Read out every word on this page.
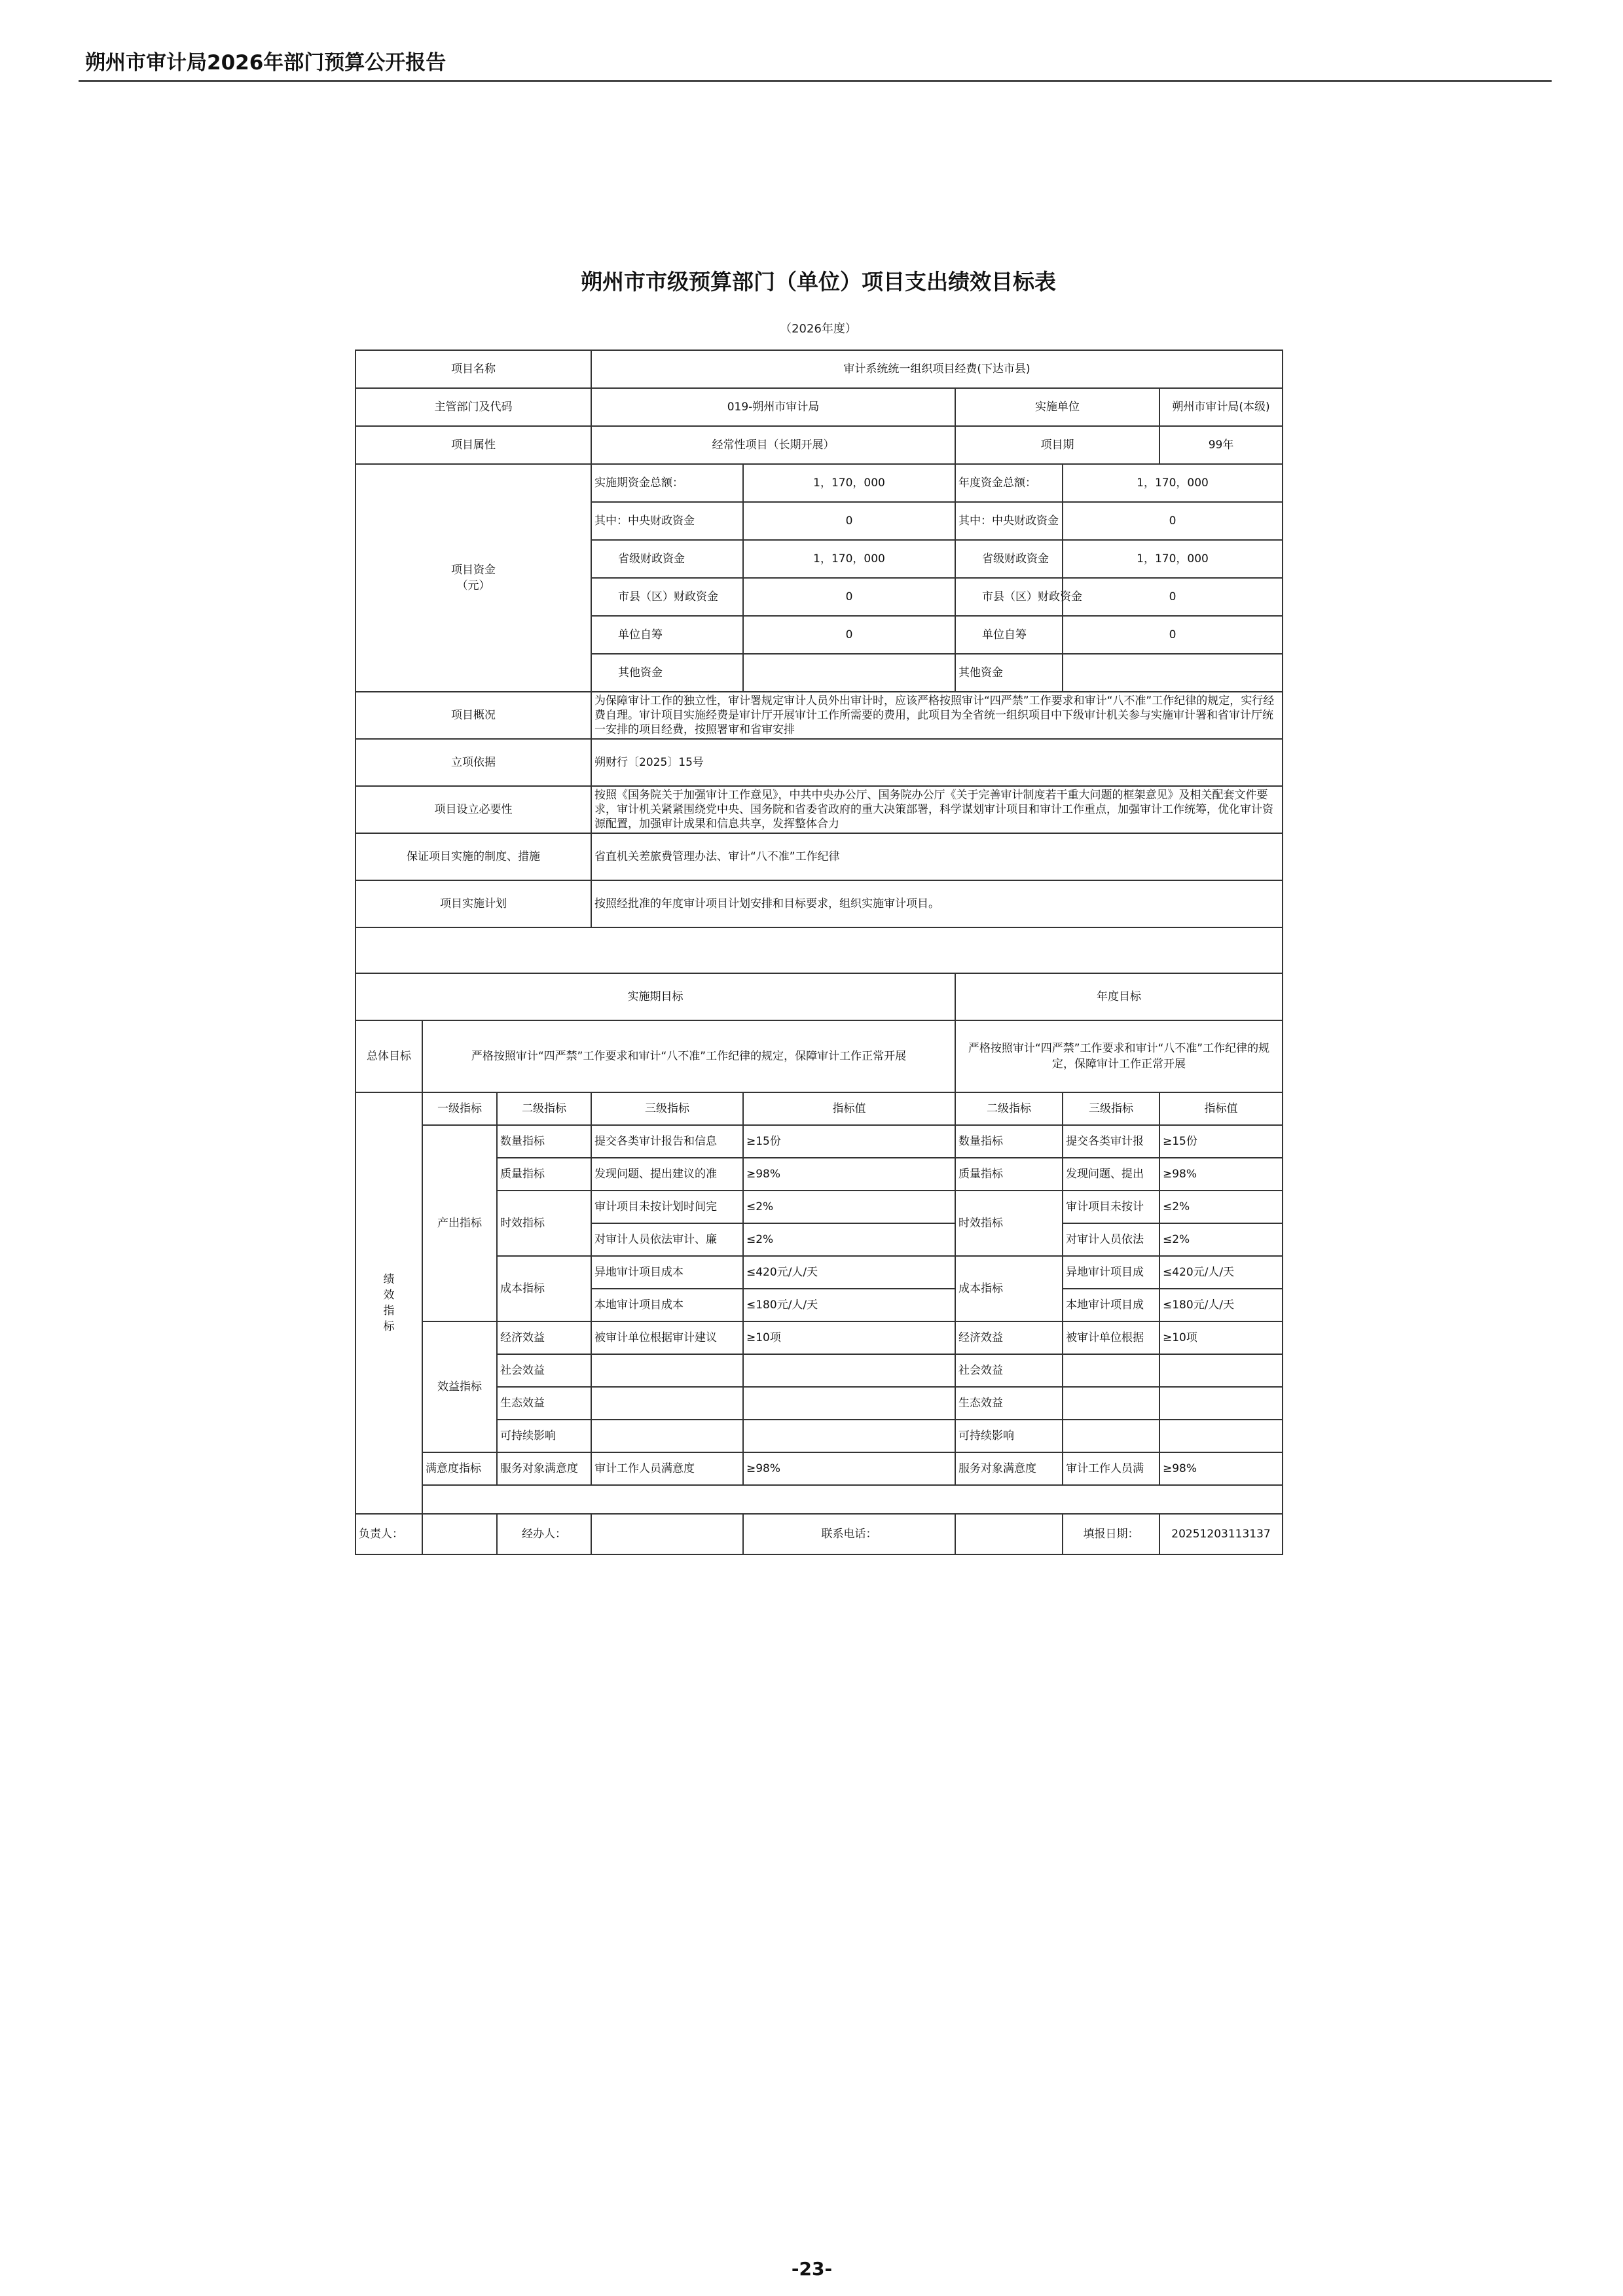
朔州市审计局2026年部门预算公开报告
朔州市市级预算部门（单位）项目支出绩效目标表
（2026年度）
项目名称			审计系统统一组织项目经费(下达市县)				
主管部门及代码			019-朔州市审计局		实施单位		朔州市审计局(本级)
项目属性			经常性项目（长期开展）		项目期		99年
项目资金
（元）			实施期资金总额：	1，170，000	年度资金总额：	1，170，000	
			其中：中央财政资金	0	其中：中央财政资金	0	
			省级财政资金	1，170，000	省级财政资金	1，170，000	
			市县（区）财政资金	0	市县（区）财政资金	0	
			单位自筹	0	单位自筹	0	
			其他资金		其他资金		
项目概况			为保障审计工作的独立性，审计署规定审计人员外出审计时，应该严格按照审计“四严禁”工作要求和审计“八不准”工作纪律的规定，实行经费自理。审计项目实施经费是审计厅开展审计工作所需要的费用，此项目为全省统一组织项目中下级审计机关参与实施审计署和省审计厅统一安排的项目经费，按照署审和省审安排				

立项依据			朔财行〔2025〕15号				
项目设立必要性			按照《国务院关于加强审计工作意见》，中共中央办公厅、国务院办公厅《关于完善审计制度若干重大问题的框架意见》及相关配套文件要求，审计机关紧紧围绕党中央、国务院和省委省政府的重大决策部署，科学谋划审计项目和审计工作重点，加强审计工作统筹，优化审计资源配置，加强审计成果和信息共享，发挥整体合力				

保证项目实施的制度、措施			省直机关差旅费管理办法、审计“八不准”工作纪律				
项目实施计划			按照经批准的年度审计项目计划安排和目标要求，组织实施审计项目。				

实施期目标					年度目标		
总体目标	严格按照审计“四严禁”工作要求和审计“八不准”工作纪律的规定，保障审计工作正常开展				严格按照审计“四严禁”工作要求和审计“八不准”工作纪律的规定，保障审计工作正常开展		
绩
效
指
标	一级指标	二级指标	三级指标	指标值	二级指标	三级指标	指标值
	产出指标	数量指标	提交各类审计报告和信息	≥15份	数量指标	提交各类审计报	≥15份
		质量指标	发现问题、提出建议的准	≥98%	质量指标	发现问题、提出	≥98%
		时效指标	审计项目未按计划时间完	≤2%	时效指标	审计项目未按计	≤2%
			对审计人员依法审计、廉	≤2%		对审计人员依法	≤2%
		成本指标	异地审计项目成本	≤420元/人/天	成本指标	异地审计项目成	≤420元/人/天
			本地审计项目成本	≤180元/人/天		本地审计项目成	≤180元/人/天
	效益指标	经济效益	被审计单位根据审计建议	≥10项	经济效益	被审计单位根据	≥10项
		社会效益			社会效益		
		生态效益			生态效益		
		可持续影响			可持续影响		
	满意度指标	服务对象满意度	审计工作人员满意度	≥98%	服务对象满意度	审计工作人员满	≥98%

负责人：		经办人：		联系电话：		填报日期：	20251203113137
-23-
